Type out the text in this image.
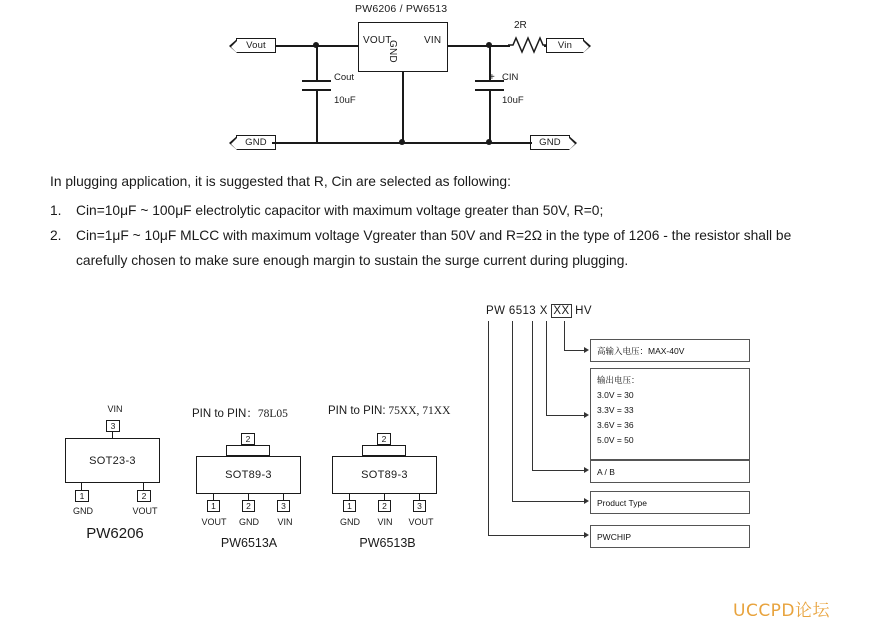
PW6206 / PW6513
VOUT	VIN
GND
2R
Vout	Vin
GND	GND
Cout
10uF
+ CIN
10uF
In plugging application, it is suggested that R, Cin are selected as following:
1.	Cin=10μF ~ 100μF electrolytic capacitor with maximum voltage greater than 50V, R=0;
2.	Cin=1μF ~ 10μF MLCC with maximum voltage Vgreater than 50V and R=2Ω in the type of 1206 - the resistor shall be carefully chosen to make sure enough margin to sustain the surge current during plugging.
VIN
3
SOT23-3
1	2
GND	VOUT
PW6206
PIN to PIN：78L05
2
SOT89-3
1	2	3
VOUT	GND	VIN
PW6513A
PIN to PIN: 75XX, 71XX
2
SOT89-3
1	2	3
GND	VIN	VOUT
PW6513B
PW 6513 X XX HV
高输入电压：MAX-40V
输出电压：
3.0V = 30
3.3V = 33
3.6V = 36
5.0V = 50
A / B
Product Type
PWCHIP
UCCPD论坛
